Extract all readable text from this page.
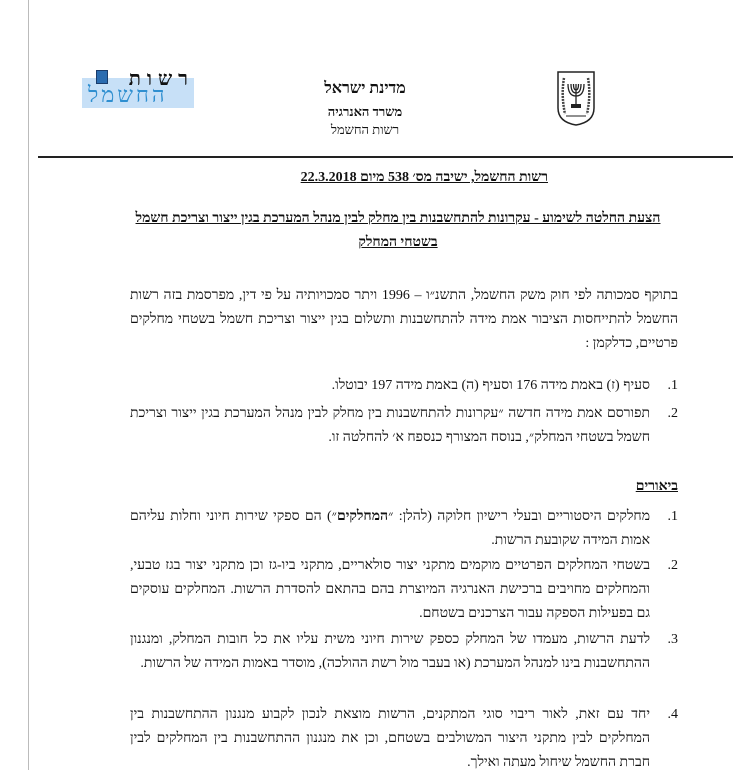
רשות
החשמל	מדינת ישראל
משרד האנרגיה
רשות החשמל
רשות החשמל, ישיבה מס׳ 538 מיום 22.3.2018
הצעת החלטה לשימוע - עקרונות להתחשבנות בין מחלק לבין מנהל המערכת בגין ייצור וצריכת חשמל בשטחי המחלק
בתוקף סמכותה לפי חוק משק החשמל, התשנ״ו – 1996 ויתר סמכויותיה על פי דין, מפרסמת בזה רשות החשמל להתייחסות הציבור אמת מידה להתחשבנות ותשלום בגין ייצור וצריכת חשמל בשטחי מחלקים פרטיים, כדלקמן :
1.
סעיף (ז) באמת מידה 176 וסעיף (ה) באמת מידה 197 יבוטלו.
2.
תפורסם אמת מידה חדשה ״עקרונות להתחשבנות בין מחלק לבין מנהל המערכת בגין ייצור וצריכת חשמל בשטחי המחלק״, בנוסח המצורף כנספח א׳ להחלטה זו.
ביאורים
1.
מחלקים היסטוריים ובעלי רישיון חלוקה (להלן: ״המחלקים״) הם ספקי שירות חיוני וחלות עליהם אמות המידה שקובעת הרשות.
2.
בשטחי המחלקים הפרטיים מוקמים מתקני יצור סולאריים, מתקני ביו-גז וכן מתקני יצור בגז טבעי, והמחלקים מחויבים ברכישת האנרגיה המיוצרת בהם בהתאם להסדרת הרשות. המחלקים עוסקים גם בפעילות הספקה עבור הצרכנים בשטחם.
3.
לדעת הרשות, מעמדו של המחלק כספק שירות חיוני משית עליו את כל חובות המחלק, ומנגנון ההתחשבנות בינו למנהל המערכת (או בעבר מול רשת ההולכה), מוסדר באמות המידה של הרשות.
4.
יחד עם זאת, לאור ריבוי סוגי המתקנים, הרשות מוצאת לנכון לקבוע מנגנון ההתחשבנות בין המחלקים לבין מתקני היצור המשולבים בשטחם, וכן את מנגנון ההתחשבנות בין המחלקים לבין חברת החשמל שיחול מעתה ואילך.
